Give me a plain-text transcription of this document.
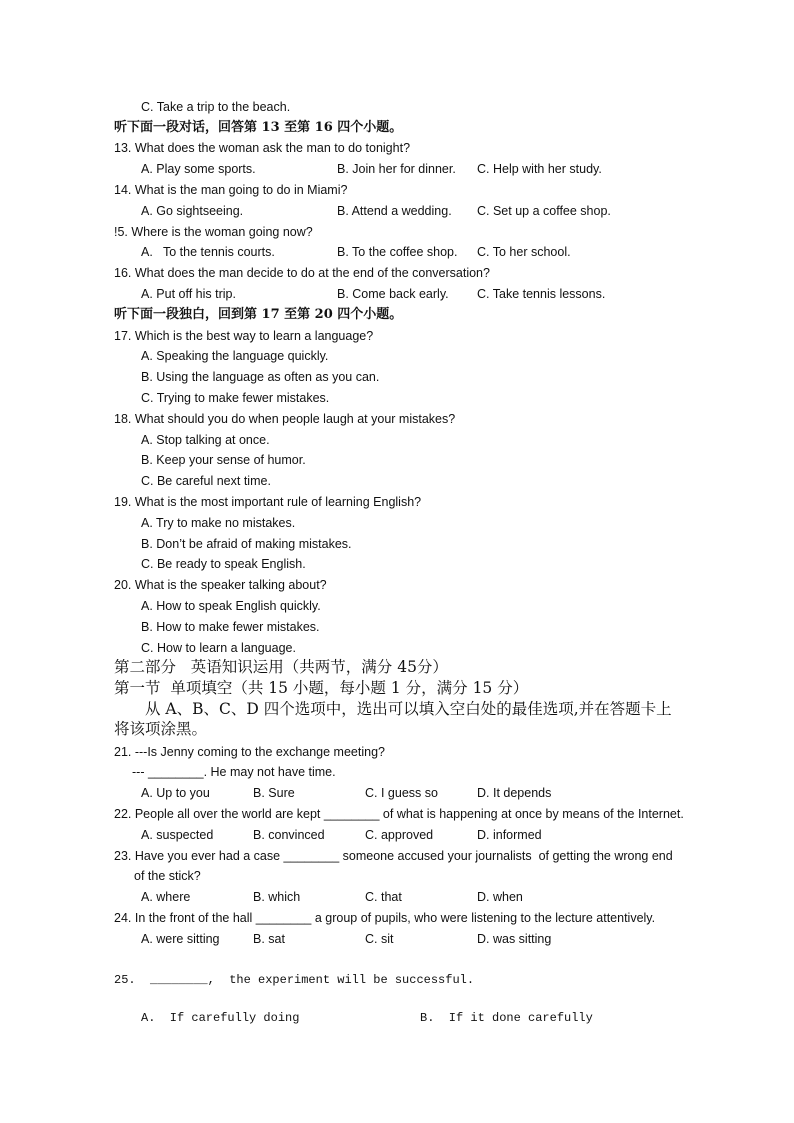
C. Take a trip to the beach.
听下面一段对话，回答第 13 至第 16 四个小题。
13. What does the woman ask the man to do tonight?
A. Play some sports.	B. Join her for dinner. C. Help with her study.
14. What is the man going to do in Miami?
A. Go sightseeing.	B. Attend a wedding. C. Set up a coffee shop.
!5. Where is the woman going now?
A.   To the tennis courts.	B. To the coffee shop. C. To her school.
16. What does the man decide to do at the end of the conversation?
A. Put off his trip.	B. Come back early. C. Take tennis lessons.
听下面一段独白，回到第 17 至第 20 四个小题。
17. Which is the best way to learn a language?
A. Speaking the language quickly.
B. Using the language as often as you can.
C. Trying to make fewer mistakes.
18. What should you do when people laugh at your mistakes?
A. Stop talking at once.
B. Keep your sense of humor.
C. Be careful next time.
19. What is the most important rule of learning English?
A. Try to make no mistakes.
B. Don’t be afraid of making mistakes.
C. Be ready to speak English.
20. What is the speaker talking about?
A. How to speak English quickly.
B. How to make fewer mistakes.
C. How to learn a language.
第二部分   英语知识运用（共两节，满分 45分）
第一节  单项填空（共 15 小题，每小题 1 分，满分 15 分）
从 A、B、C、D 四个选项中，选出可以填入空白处的最佳选项,并在答题卡上
将该项涂黑。
21. ---Is Jenny coming to the exchange meeting?
--- ________. He may not have time.
A. Up to you	B. Sure	C. I guess so	D. It depends
22. People all over the world are kept ________ of what is happening at once by means of the Internet.
A. suspected	B. convinced	C. approved	D. informed
23. Have you ever had a case ________ someone accused your journalists  of getting the wrong end
of the stick?
A. where	B. which	C. that	D. when
24. In the front of the hall ________ a group of pupils, who were listening to the lecture attentively.
A. were sitting	B. sat	C. sit	D. was sitting
25.  ________,  the experiment will be successful.
A.  If carefully doing	B.  If it done carefully
